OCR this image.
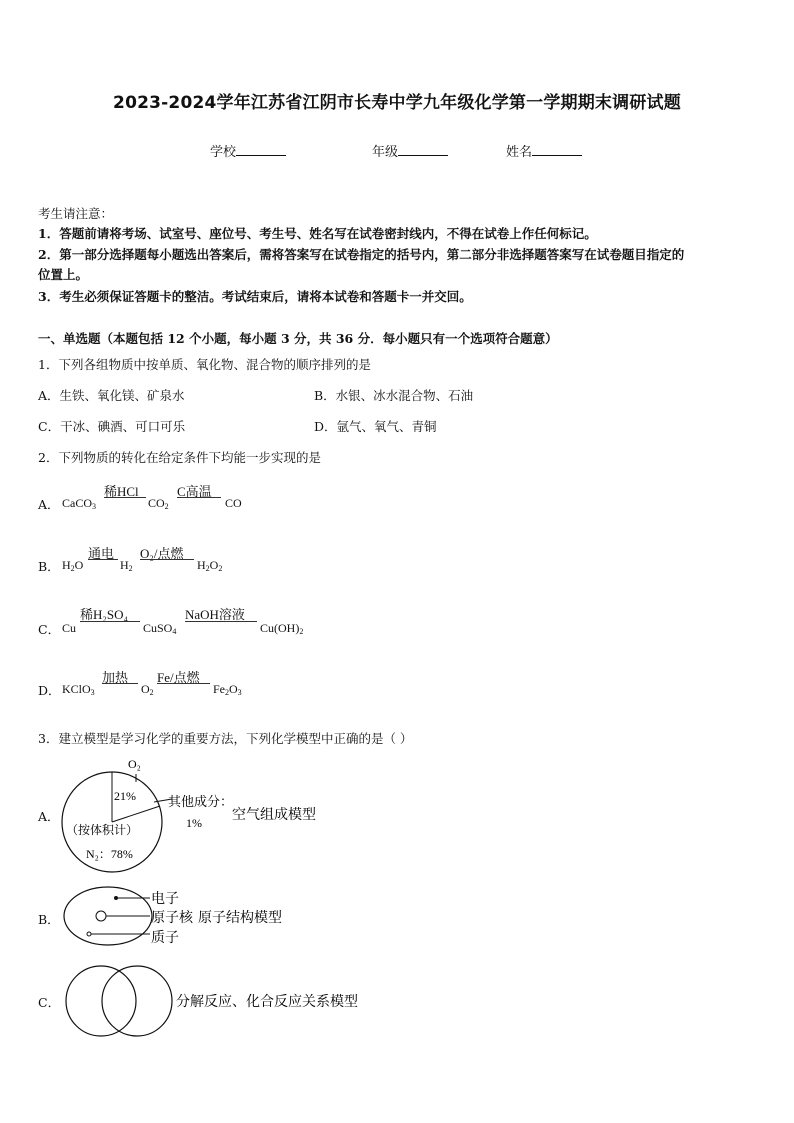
2023-2024学年江苏省江阴市长寿中学九年级化学第一学期期末调研试题
学校	年级	姓名
考生请注意：
1．答题前请将考场、试室号、座位号、考生号、姓名写在试卷密封线内，不得在试卷上作任何标记。
2．第一部分选择题每小题选出答案后，需将答案写在试卷指定的括号内，第二部分非选择题答案写在试卷题目指定的
位置上。
3．考生必须保证答题卡的整洁。考试结束后，请将本试卷和答题卡一并交回。
一、单选题（本题包括 12 个小题，每小题 3 分，共 36 分．每小题只有一个选项符合题意）
1．下列各组物质中按单质、氧化物、混合物的顺序排列的是
A．生铁、氧化镁、矿泉水	B．水银、冰水混合物、石油
C．干冰、碘酒、可口可乐	D．氩气、氧气、青铜
2．下列物质的转化在给定条件下均能一步实现的是
A． CaCO$_3$
稀HCl
$CO_2$
C高温
CO
B． $H_2O$
通电
$H_2$
O₂/点燃
$H_2O_2$
C． Cu
稀H₂SO₄
CuSO$_4$
NaOH溶液
$Cu(OH)_2$
D． KClO$_3$
加热
$O_2$
Fe/点燃
$Fe_2O_3$
3．建立模型是学习化学的重要方法，下列化学模型中正确的是（ ）
A．
O₂
21% 其他成分：
1%
（按体积计）
N₂：78%
空气组成模型
B．
电子
原子核
质子
原子结构模型
C．	分解反应、化合反应关系模型
